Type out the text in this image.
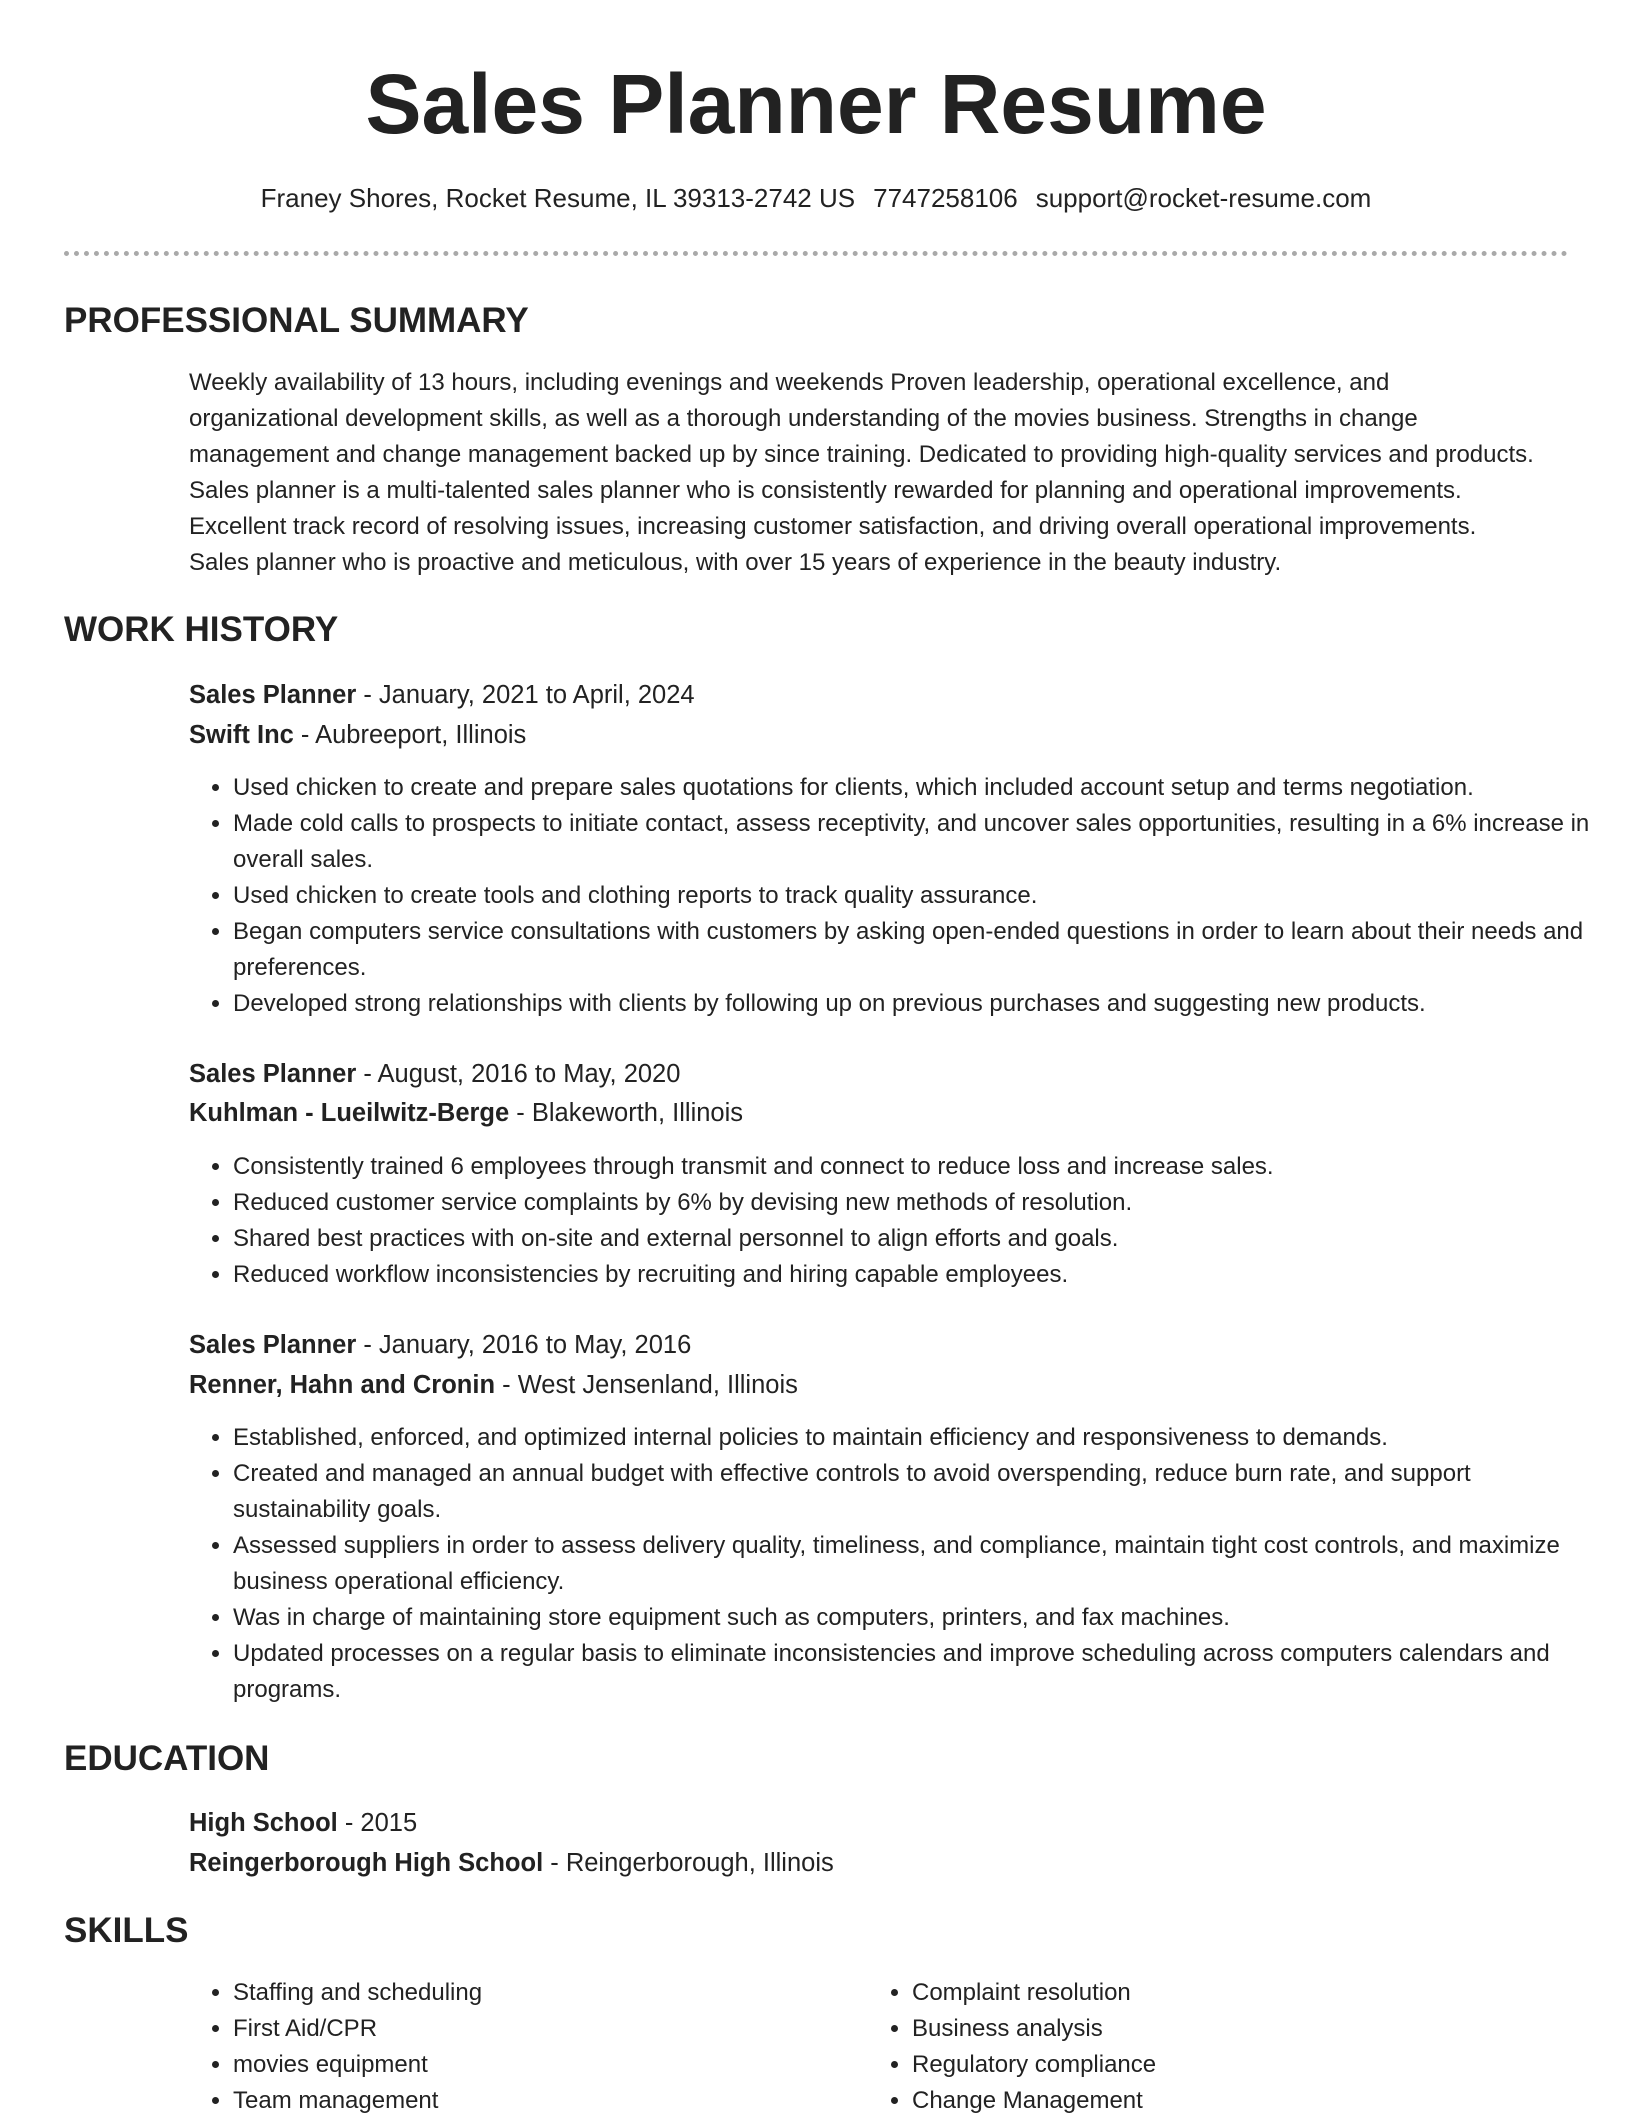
Sales Planner Resume
Franey Shores, Rocket Resume, IL 39313-2742 US 7747258106 support@rocket-resume.com
PROFESSIONAL SUMMARY

Weekly availability of 13 hours, including evenings and weekends Proven leadership, operational excellence, and organizational development skills, as well as a thorough understanding of the movies business. Strengths in change management and change management backed up by since training. Dedicated to providing high-quality services and products. Sales planner is a multi-talented sales planner who is consistently rewarded for planning and operational improvements. Excellent track record of resolving issues, increasing customer satisfaction, and driving overall operational improvements. Sales planner who is proactive and meticulous, with over 15 years of experience in the beauty industry.

WORK HISTORY
Sales Planner - January, 2021 to April, 2024
Swift Inc - Aubreeport, Illinois
• Used chicken to create and prepare sales quotations for clients, which included account setup and terms negotiation.
• Made cold calls to prospects to initiate contact, assess receptivity, and uncover sales opportunities, resulting in a 6% increase in overall sales.
• Used chicken to create tools and clothing reports to track quality assurance.
• Began computers service consultations with customers by asking open-ended questions in order to learn about their needs and preferences.
• Developed strong relationships with clients by following up on previous purchases and suggesting new products.
Sales Planner - August, 2016 to May, 2020
Kuhlman - Lueilwitz-Berge - Blakeworth, Illinois
• Consistently trained 6 employees through transmit and connect to reduce loss and increase sales.
• Reduced customer service complaints by 6% by devising new methods of resolution.
• Shared best practices with on-site and external personnel to align efforts and goals.
• Reduced workflow inconsistencies by recruiting and hiring capable employees.
Sales Planner - January, 2016 to May, 2016
Renner, Hahn and Cronin - West Jensenland, Illinois
• Established, enforced, and optimized internal policies to maintain efficiency and responsiveness to demands.
• Created and managed an annual budget with effective controls to avoid overspending, reduce burn rate, and support sustainability goals.
• Assessed suppliers in order to assess delivery quality, timeliness, and compliance, maintain tight cost controls, and maximize business operational efficiency.
• Was in charge of maintaining store equipment such as computers, printers, and fax machines.
• Updated processes on a regular basis to eliminate inconsistencies and improve scheduling across computers calendars and programs.
EDUCATION
High School - 2015
Reingerborough High School - Reingerborough, Illinois
SKILLS
• Staffing and scheduling
• First Aid/CPR
• movies equipment
• Team management
• Complaint resolution
• Business analysis
• Regulatory compliance
• Change Management
